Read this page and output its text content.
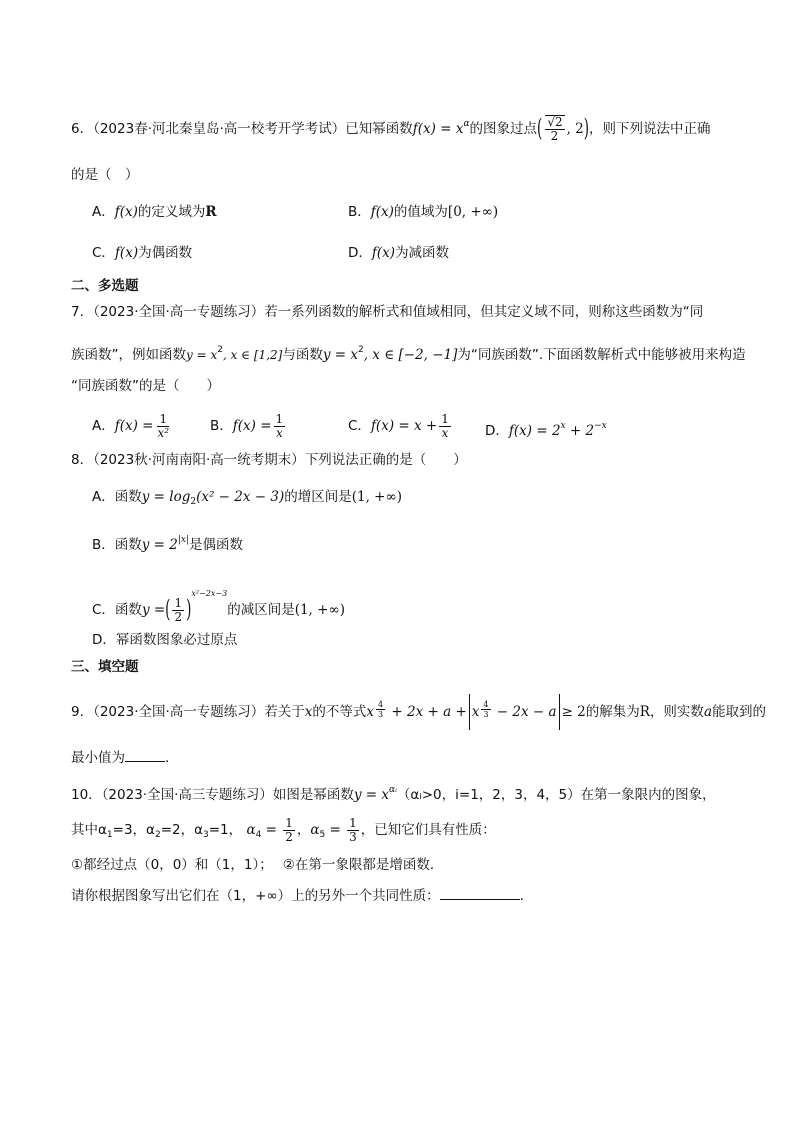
6．（2023春·河北秦皇岛·高一校考开学考试）已知幂函数$f(x) = x^\alpha$的图象过点( $\frac{√2}{2}$ , 2)，则下列说法中正确
的是（　）
A．f(x)的定义域为R	B．f(x)的值域为[0, +∞)
C．f(x)为偶函数	D．f(x)为减函数
二、多选题
7．（2023·全国·高一专题练习）若一系列函数的解析式和值域相同，但其定义域不同，则称这些函数为“同
族函数”，例如函数$y = x^2$, x ∈ [1,2]与函数$y = x^2$, x ∈ [−2, −1]为“同族函数”.下面函数解析式中能够被用来构造
“同族函数”的是（　　）
A．$f(x) = \frac{1}{\text{x²}}$	B．$f(x) = \frac{1}{x}$	C．$f(x) = x + \frac{1}{x}$	D．$f(x) = 2^x + 2^{-x}$
8．（2023秋·河南南阳·高一统考期末）下列说法正确的是（　　）
A．函数$y = \log_2(x^2 - 2x - 3)$的增区间是(1, +∞)
B．函数$y = 2^{|x|}$是偶函数
C．函数y =( $\frac{1}{2} )^{x^2-2x-3}$的减区间是(1, +∞)
D．幂函数图象必过原点
三、填空题
9．（2023·全国·高一专题练习）若关于x的不等式x $\frac{4}{3} + 2x + a + x \frac{4}{3} - 2x - a \ge 2$的解集为R，则实数a能取到的
最小值为	.
10．（2023·全国·高三专题练习）如图是幂函数$y = x^{\alpha ᵢ}(\alpha ᵢ>0$，i=1，2，3，4，5）在第一象限内的图象，
其中$\alpha_1=3$，$\alpha_2=2$，$\alpha_3=1$， $\alpha_4 = \frac{1}{2}$ ，$\alpha_5 = \frac{1}{3}$ ，已知它们具有性质：
①都经过点（0，0）和（1，1）； ②在第一象限都是增函数．
请你根据图象写出它们在（1，+∞）上的另外一个共同性质：	.
